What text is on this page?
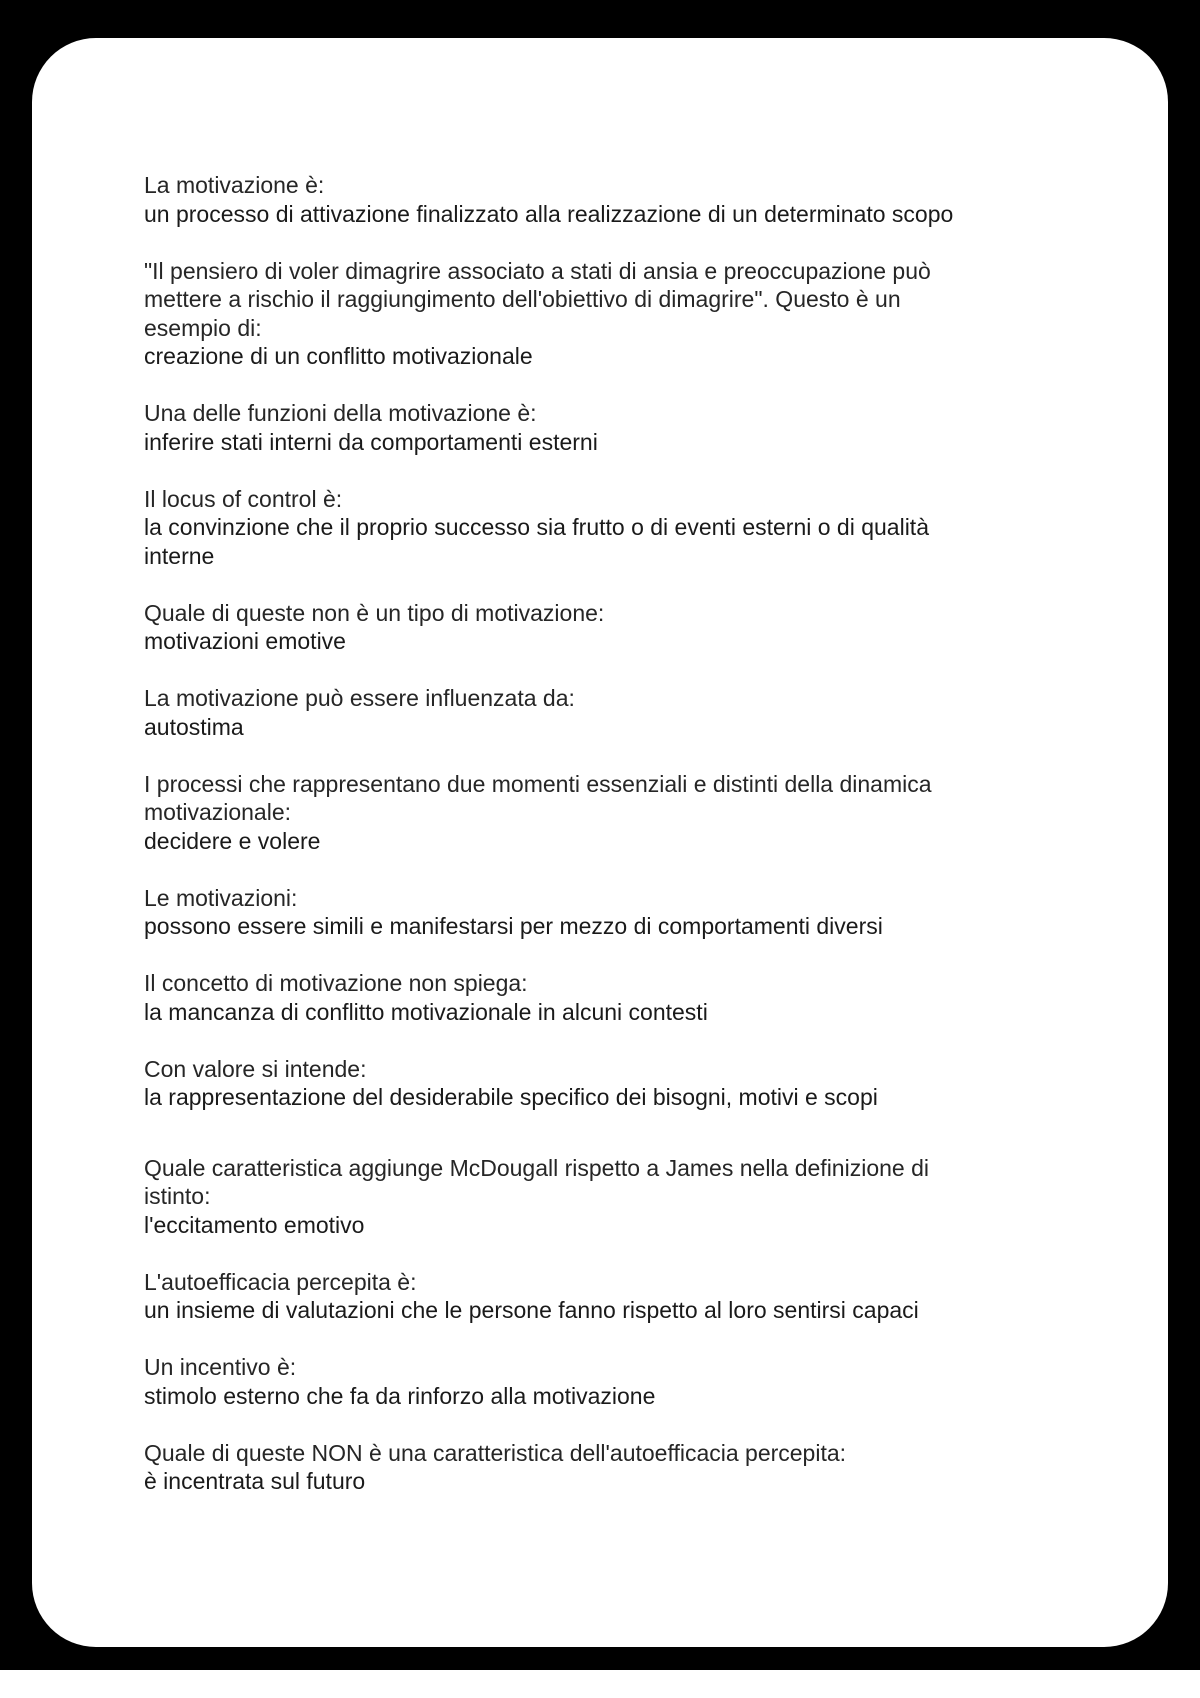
La motivazione è:
un processo di attivazione finalizzato alla realizzazione di un determinato scopo
"Il pensiero di voler dimagrire associato a stati di ansia e preoccupazione può
mettere a rischio il raggiungimento dell'obiettivo di dimagrire". Questo è un
esempio di:
creazione di un conflitto motivazionale
Una delle funzioni della motivazione è:
inferire stati interni da comportamenti esterni
Il locus of control è:
la convinzione che il proprio successo sia frutto o di eventi esterni o di qualità
interne
Quale di queste non è un tipo di motivazione:
motivazioni emotive
La motivazione può essere influenzata da:
autostima
I processi che rappresentano due momenti essenziali e distinti della dinamica
motivazionale:
decidere e volere
Le motivazioni:
possono essere simili e manifestarsi per mezzo di comportamenti diversi
Il concetto di motivazione non spiega:
la mancanza di conflitto motivazionale in alcuni contesti
Con valore si intende:
la rappresentazione del desiderabile specifico dei bisogni, motivi e scopi
Quale caratteristica aggiunge McDougall rispetto a James nella definizione di
istinto:
l'eccitamento emotivo
L'autoefficacia percepita è:
un insieme di valutazioni che le persone fanno rispetto al loro sentirsi capaci
Un incentivo è:
stimolo esterno che fa da rinforzo alla motivazione
Quale di queste NON è una caratteristica dell'autoefficacia percepita:
è incentrata sul futuro
